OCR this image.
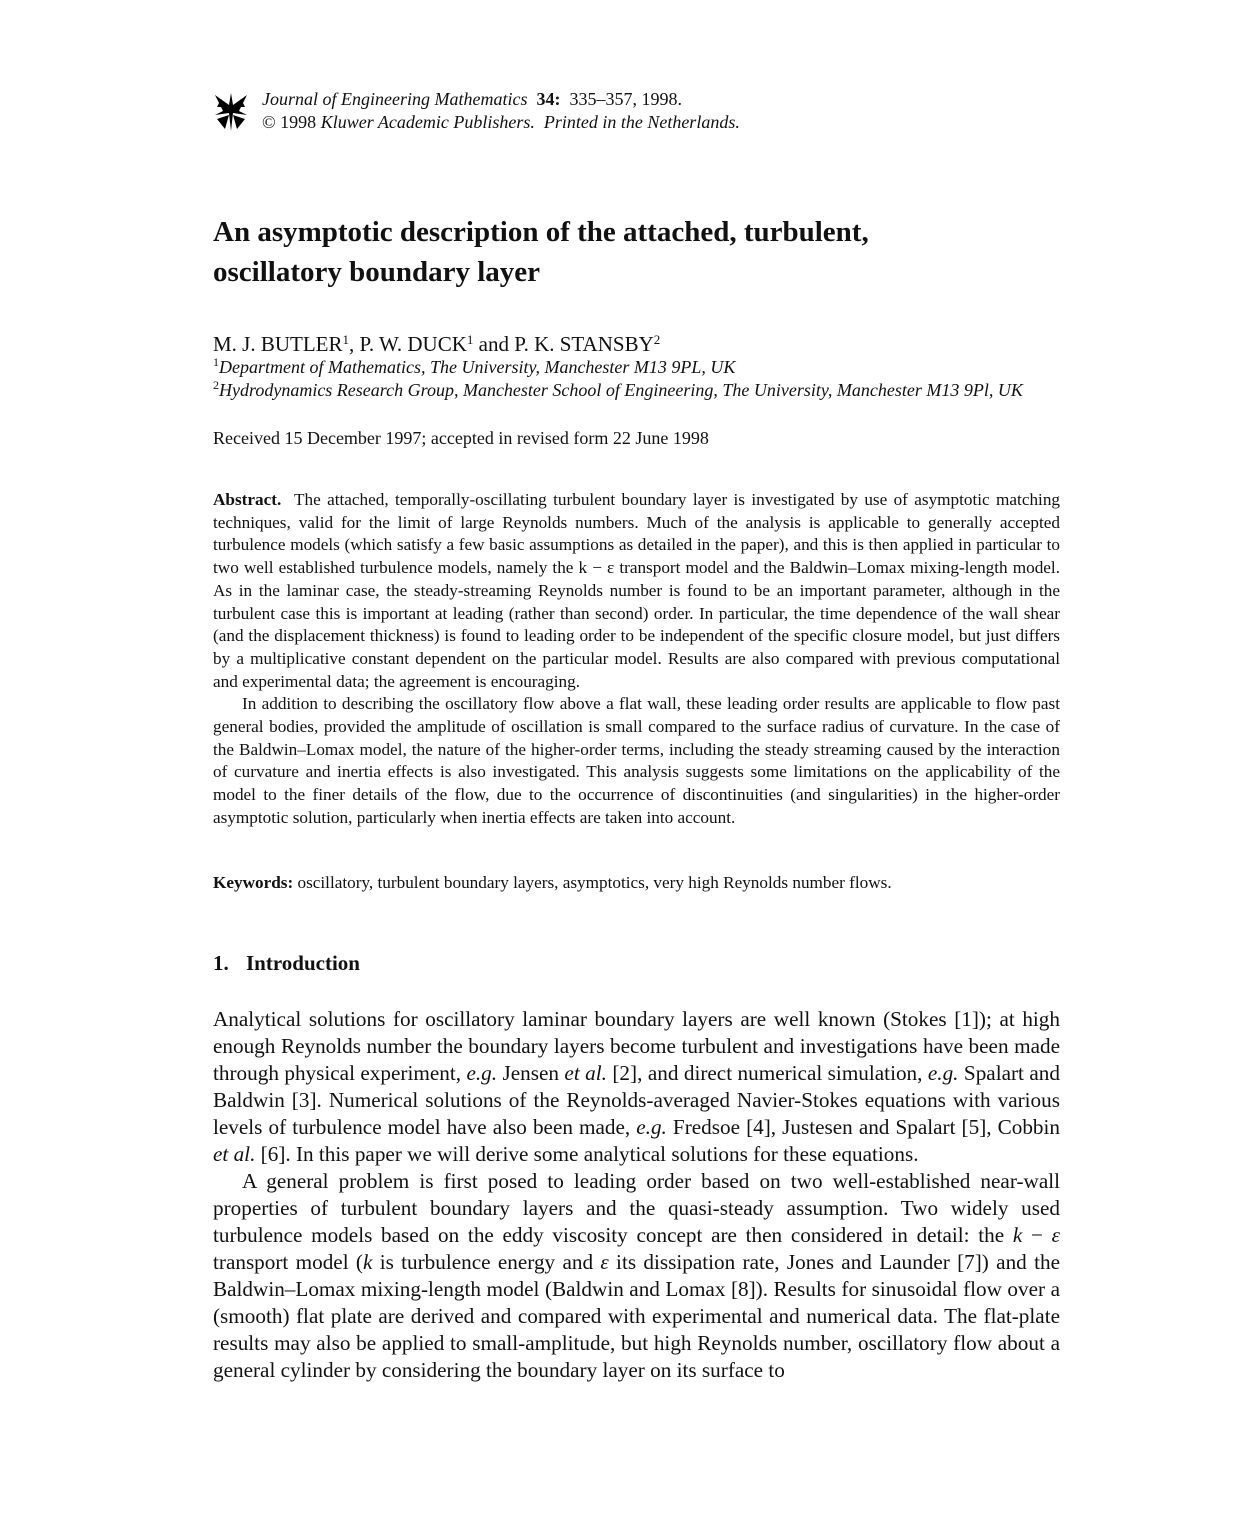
Journal of Engineering Mathematics 34: 335–357, 1998.
© 1998 Kluwer Academic Publishers. Printed in the Netherlands.
An asymptotic description of the attached, turbulent,
oscillatory boundary layer
M. J. BUTLER$^1$, P. W. DUCK$^1$ and P. K. STANSBY$^2$
$^1$Department of Mathematics, The University, Manchester M13 9PL, UK
$^2$Hydrodynamics Research Group, Manchester School of Engineering, The University, Manchester M13 9Pl, UK
Received 15 December 1997; accepted in revised form 22 June 1998

Abstract. The attached, temporally-oscillating turbulent boundary layer is investigated by use of asymptotic matching techniques, valid for the limit of large Reynolds numbers. Much of the analysis is applicable to generally accepted turbulence models (which satisfy a few basic assumptions as detailed in the paper), and this is then applied in particular to two well established turbulence models, namely the k − ε transport model and the Baldwin–Lomax mixing-length model. As in the laminar case, the steady-streaming Reynolds number is found to be an important parameter, although in the turbulent case this is important at leading (rather than second) order. In particular, the time dependence of the wall shear (and the displacement thickness) is found to leading order to be independent of the specific closure model, but just differs by a multiplicative constant dependent on the particular model. Results are also compared with previous computational and experimental data; the agreement is encouraging.

In addition to describing the oscillatory flow above a flat wall, these leading order results are applicable to flow past general bodies, provided the amplitude of oscillation is small compared to the surface radius of curvature. In the case of the Baldwin–Lomax model, the nature of the higher-order terms, including the steady streaming caused by the interaction of curvature and inertia effects is also investigated. This analysis suggests some limitations on the applicability of the model to the finer details of the flow, due to the occurrence of discontinuities (and singularities) in the higher-order asymptotic solution, particularly when inertia effects are taken into account.

Keywords: oscillatory, turbulent boundary layers, asymptotics, very high Reynolds number flows.
1. Introduction

Analytical solutions for oscillatory laminar boundary layers are well known (Stokes [1]); at high enough Reynolds number the boundary layers become turbulent and investigations have been made through physical experiment, e.g. Jensen et al. [2], and direct numerical simulation, e.g. Spalart and Baldwin [3]. Numerical solutions of the Reynolds-averaged Navier-Stokes equations with various levels of turbulence model have also been made, e.g. Fredsoe [4], Justesen and Spalart [5], Cobbin et al. [6]. In this paper we will derive some analytical solutions for these equations.

A general problem is first posed to leading order based on two well-established near-wall properties of turbulent boundary layers and the quasi-steady assumption. Two widely used turbulence models based on the eddy viscosity concept are then considered in detail: the k − ε transport model (k is turbulence energy and ε its dissipation rate, Jones and Launder [7]) and the Baldwin–Lomax mixing-length model (Baldwin and Lomax [8]). Results for sinusoidal flow over a (smooth) flat plate are derived and compared with experimental and numerical data. The flat-plate results may also be applied to small-amplitude, but high Reynolds number, oscillatory flow about a general cylinder by considering the boundary layer on its surface to
